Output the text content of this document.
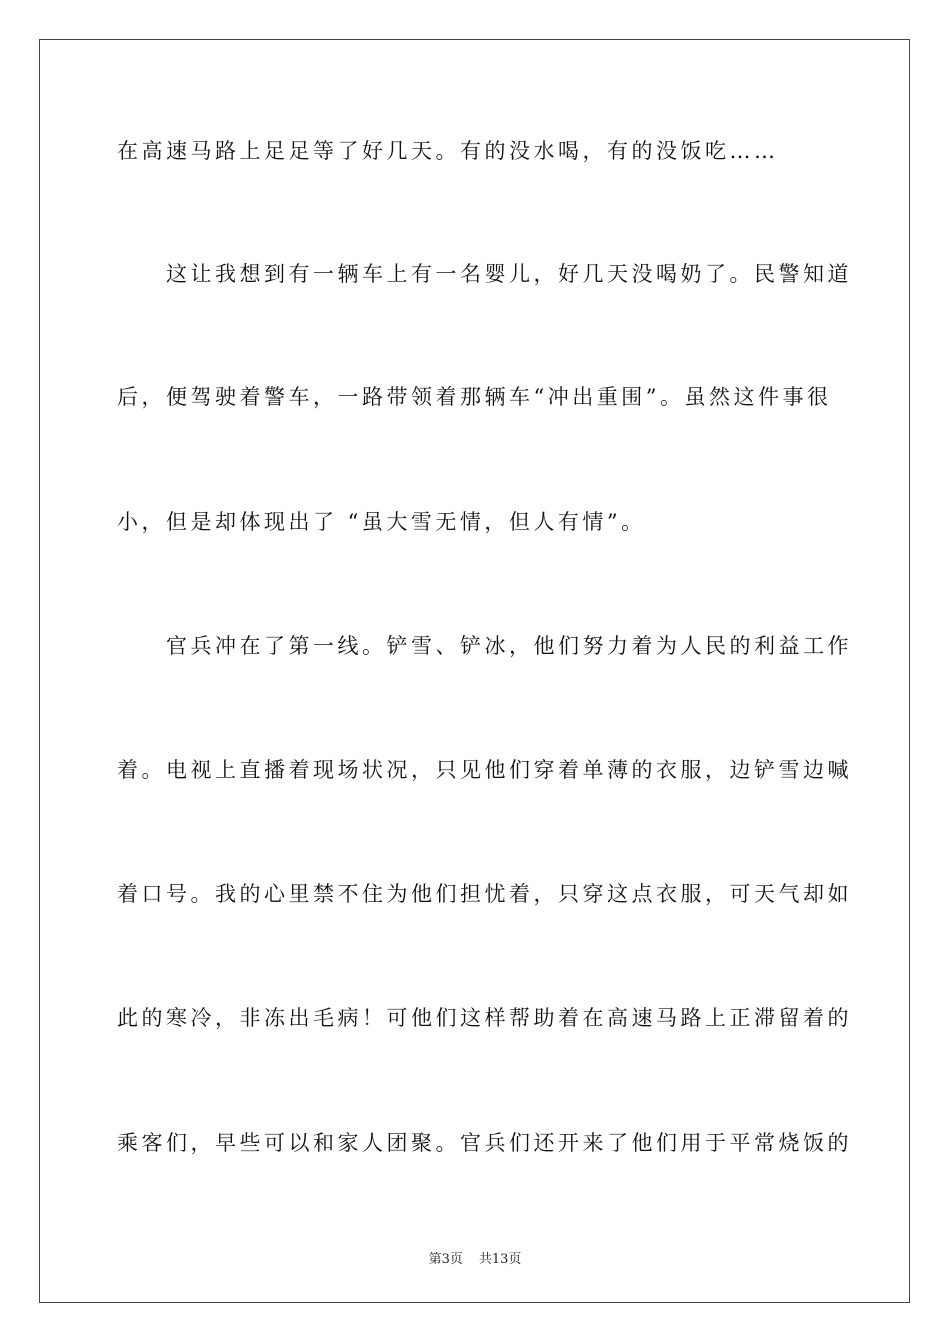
在高速马路上足足等了好几天。有的没水喝，有的没饭吃……
　　这让我想到有一辆车上有一名婴儿，好几天没喝奶了。民警知道
后，便驾驶着警车，一路带领着那辆车“冲出重围”。虽然这件事很
小，但是却体现出了 “虽大雪无情，但人有情”。
　　官兵冲在了第一线。铲雪、铲冰，他们努力着为人民的利益工作
着。电视上直播着现场状况，只见他们穿着单薄的衣服，边铲雪边喊
着口号。我的心里禁不住为他们担忧着，只穿这点衣服，可天气却如
此的寒冷，非冻出毛病！可他们这样帮助着在高速马路上正滞留着的
乘客们，早些可以和家人团聚。官兵们还开来了他们用于平常烧饭的
第3页 共13页
